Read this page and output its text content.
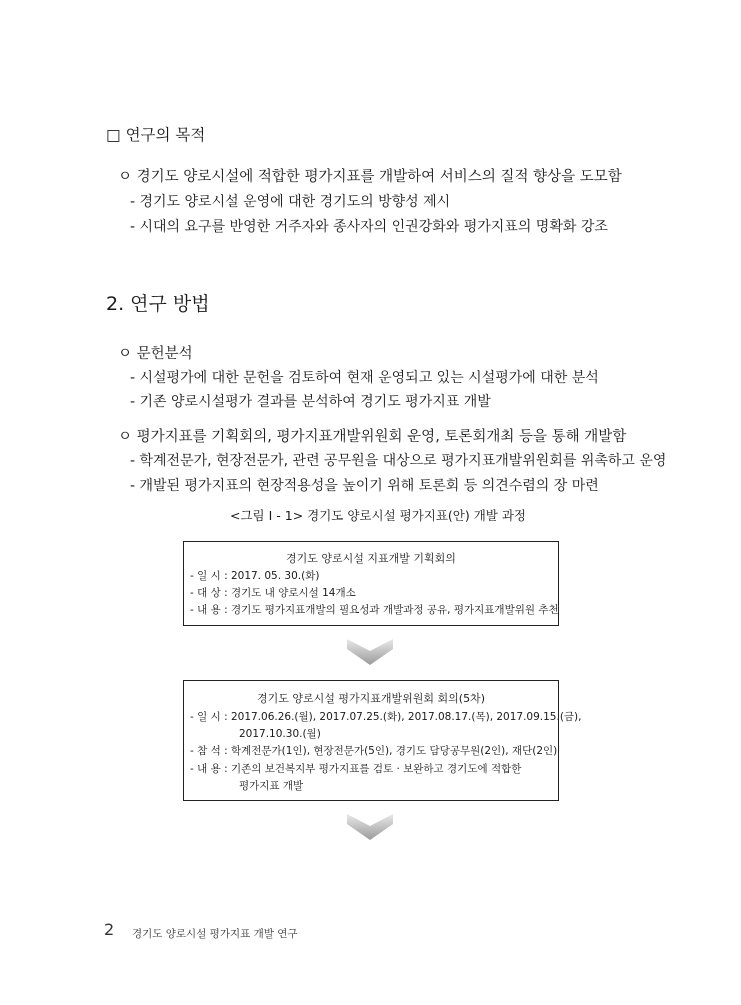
□ 연구의 목적
ㅇ 경기도 양로시설에 적합한 평가지표를 개발하여 서비스의 질적 향상을 도모함
- 경기도 양로시설 운영에 대한 경기도의 방향성 제시
- 시대의 요구를 반영한 거주자와 종사자의 인권강화와 평가지표의 명확화 강조
2. 연구 방법
ㅇ 문헌분석
- 시설평가에 대한 문헌을 검토하여 현재 운영되고 있는 시설평가에 대한 분석
- 기존 양로시설평가 결과를 분석하여 경기도 평가지표 개발
ㅇ 평가지표를 기획회의, 평가지표개발위원회 운영, 토론회개최 등을 통해 개발함
- 학계전문가, 현장전문가, 관련 공무원을 대상으로 평가지표개발위원회를 위촉하고 운영
- 개발된 평가지표의 현장적용성을 높이기 위해 토론회 등 의견수렴의 장 마련
<그림 Ⅰ - 1> 경기도 양로시설 평가지표(안) 개발 과정
경기도 양로시설 지표개발 기획회의
- 일 시 : 2017. 05. 30.(화)
- 대 상 : 경기도 내 양로시설 14개소
- 내 용 : 경기도 평가지표개발의 필요성과 개발과정 공유, 평가지표개발위원 추천
경기도 양로시설 평가지표개발위원회 회의(5차)
- 일 시 : 2017.06.26.(월), 2017.07.25.(화), 2017.08.17.(목), 2017.09.15.(금),
2017.10.30.(월)
- 참 석 : 학계전문가(1인), 현장전문가(5인), 경기도 담당공무원(2인), 재단(2인)
- 내 용 : 기존의 보건복지부 평가지표를 검토 · 보완하고 경기도에 적합한
평가지표 개발
2 경기도 양로시설 평가지표 개발 연구
